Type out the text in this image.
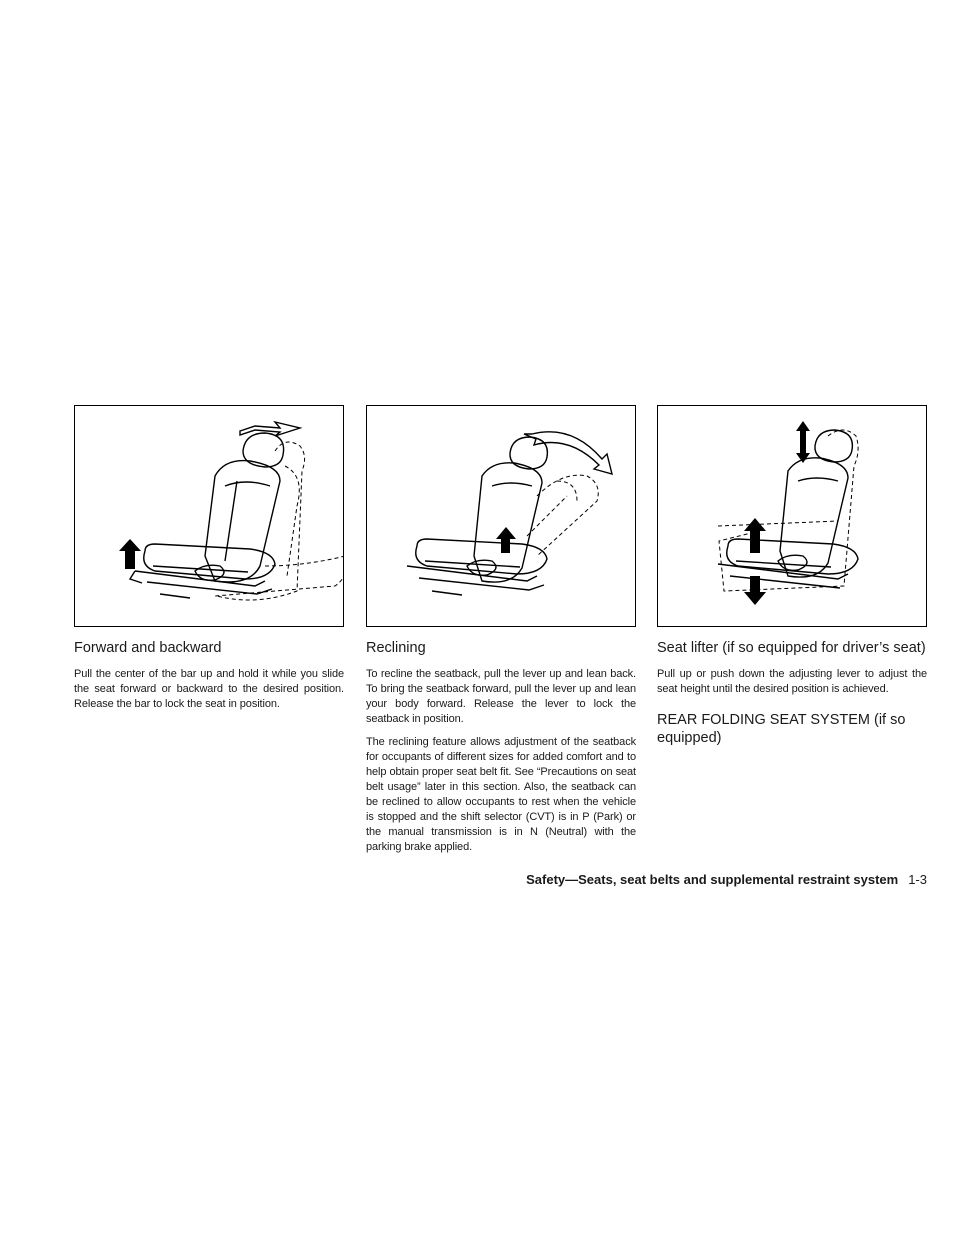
Forward and backward

Pull the center of the bar up and hold it while you slide the seat forward or backward to the desired position. Release the bar to lock the seat in position.

Reclining

To recline the seatback, pull the lever up and lean back. To bring the seatback forward, pull the lever up and lean your body forward. Release the lever to lock the seatback in position.

The reclining feature allows adjustment of the seatback for occupants of different sizes for added comfort and to help obtain proper seat belt fit. See “Precautions on seat belt usage” later in this section. Also, the seatback can be reclined to allow occupants to rest when the vehicle is stopped and the shift selector (CVT) is in P (Park) or the manual transmission is in N (Neutral) with the parking brake applied.

Seat lifter (if so equipped for driver’s seat)

Pull up or push down the adjusting lever to adjust the seat height until the desired position is achieved.

REAR FOLDING SEAT SYSTEM (if so equipped)
Safety—Seats, seat belts and supplemental restraint system 1-3
